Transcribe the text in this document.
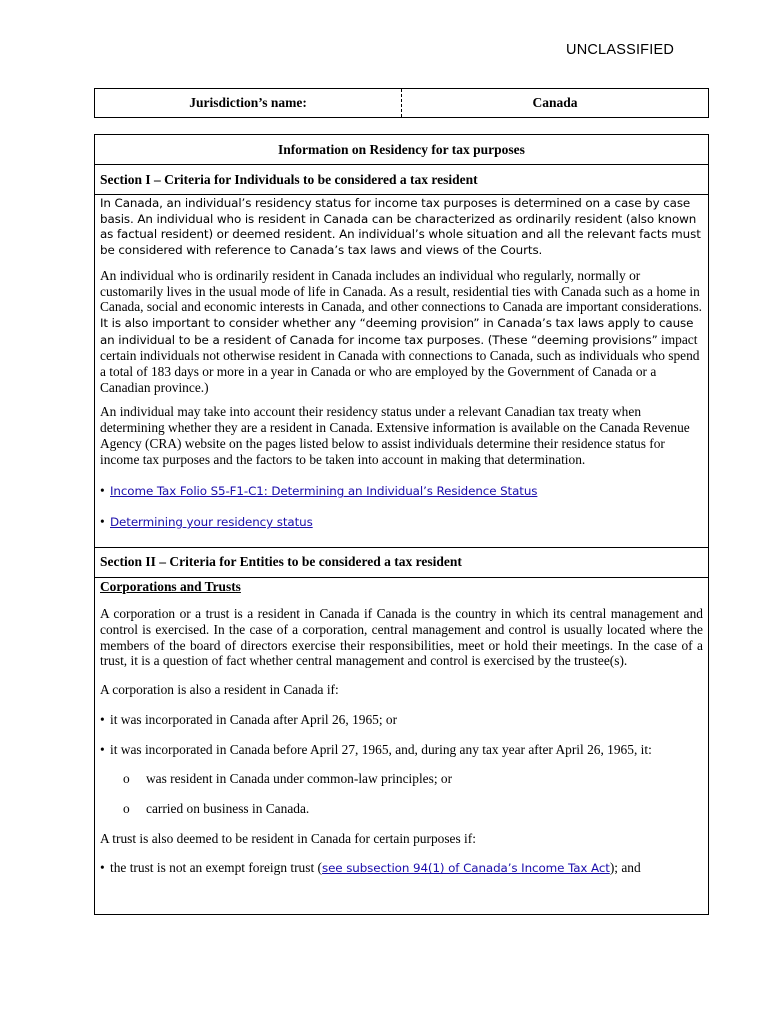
UNCLASSIFIED
Jurisdiction’s name:	Canada
Information on Residency for tax purposes
Section I – Criteria for Individuals to be considered a tax resident

In Canada, an individual’s residency status for income tax purposes is determined on a case by case basis. An individual who is resident in Canada can be characterized as ordinarily resident (also known as factual resident) or deemed resident. An individual’s whole situation and all the relevant facts must be considered with reference to Canada’s tax laws and views of the Courts.

An individual who is ordinarily resident in Canada includes an individual who regularly, normally or customarily lives in the usual mode of life in Canada. As a result, residential ties with Canada such as a home in Canada, social and economic interests in Canada, and other connections to Canada are important considerations. It is also important to consider whether any “deeming provision” in Canada’s tax laws apply to cause an individual to be a resident of Canada for income tax purposes. (These “deeming provisions” impact certain individuals not otherwise resident in Canada with connections to Canada, such as individuals who spend a total of 183 days or more in a year in Canada or who are employed by the Government of Canada or a Canadian province.)

An individual may take into account their residency status under a relevant Canadian tax treaty when determining whether they are a resident in Canada. Extensive information is available on the Canada Revenue Agency (CRA) website on the pages listed below to assist individuals determine their residence status for income tax purposes and the factors to be taken into account in making that determination.

• Income Tax Folio S5-F1-C1: Determining an Individual’s Residence Status
• Determining your residency status
Section II – Criteria for Entities to be considered a tax resident
Corporations and Trusts

A corporation or a trust is a resident in Canada if Canada is the country in which its central management and control is exercised. In the case of a corporation, central management and control is usually located where the members of the board of directors exercise their responsibilities, meet or hold their meetings. In the case of a trust, it is a question of fact whether central management and control is exercised by the trustee(s).

A corporation is also a resident in Canada if:

• it was incorporated in Canada after April 26, 1965; or
• it was incorporated in Canada before April 27, 1965, and, during any tax year after April 26, 1965, it:
o was resident in Canada under common-law principles; or
o carried on business in Canada.

A trust is also deemed to be resident in Canada for certain purposes if:

• the trust is not an exempt foreign trust (see subsection 94(1) of Canada’s Income Tax Act); and
